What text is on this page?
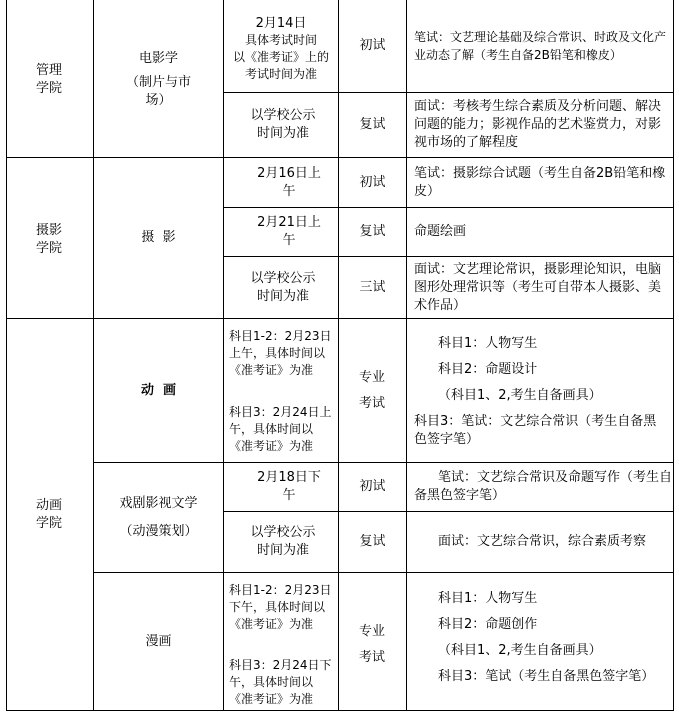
管理学院
电影学
（制片与市场）
2月14日
具体考试时间
以《准考证》上的
考试时间为准
初试
笔试：文艺理论基础及综合常识、时政及文化产业动态了解（考生自备2B铅笔和橡皮）
以学校公示时间为准
复试
面试：考核考生综合素质及分析问题、解决问题的能力；影视作品的艺术鉴赏力，对影视市场的了解程度
摄影学院
摄  影
2月16日上午
初试
笔试：摄影综合试题（考生自备2B铅笔和橡皮）
2月21日上午
复试 命题绘画
以学校公示时间为准
三试
面试：文艺理论常识，摄影理论知识，电脑图形处理常识等（考生可自带本人摄影、美术作品）
动画学院
动  画
科目1-2：2月23日上午，具体时间以《准考证》为准
科目3：2月24日上午，具体时间以《准考证》为准
专业考试
科目1：人物写生
科目2：命题设计
（科目1、2,考生自备画具）
科目3：笔试：文艺综合常识（考生自备黑色签字笔）
戏剧影视文学
（动漫策划）
2月18日下午
初试
笔试：文艺综合常识及命题写作（考生自备黑色签字笔）
以学校公示时间为准
复试	面试：文艺综合常识，综合素质考察
漫画
科目1-2：2月23日下午，具体时间以《准考证》为准
科目3：2月24日下午，具体时间以《准考证》为准
专业考试
科目1：人物写生
科目2：命题创作
（科目1、2,考生自备画具）
科目3：笔试（考生自备黑色签字笔）
